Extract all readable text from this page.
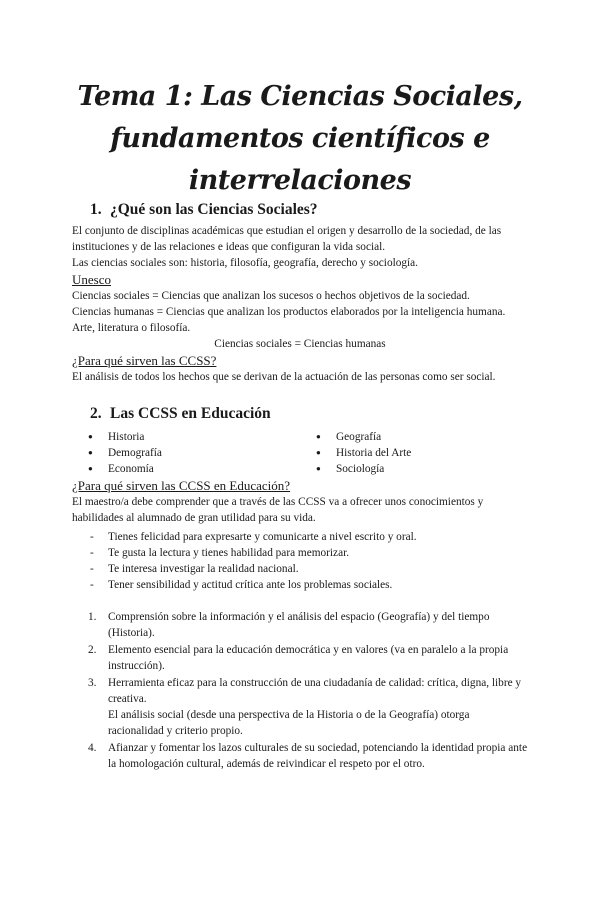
Tema 1: Las Ciencias Sociales,
fundamentos científicos e
interrelaciones
1. ¿Qué son las Ciencias Sociales?

El conjunto de disciplinas académicas que estudian el origen y desarrollo de la sociedad, de las instituciones y de las relaciones e ideas que configuran la vida social.

Las ciencias sociales son: historia, filosofía, geografía, derecho y sociología.

Unesco

Ciencias sociales = Ciencias que analizan los sucesos o hechos objetivos de la sociedad.

Ciencias humanas = Ciencias que analizan los productos elaborados por la inteligencia humana. Arte, literatura o filosofía.

Ciencias sociales = Ciencias humanas

¿Para qué sirven las CCSS?

El análisis de todos los hechos que se derivan de la actuación de las personas como ser social.

2. Las CCSS en Educación
● Historia	● Geografía
● Demografía	● Historia del Arte
● Economía	● Sociología

¿Para qué sirven las CCSS en Educación?

El maestro/a debe comprender que a través de las CCSS va a ofrecer unos conocimientos y habilidades al alumnado de gran utilidad para su vida.

- Tienes felicidad para expresarte y comunicarte a nivel escrito y oral.
- Te gusta la lectura y tienes habilidad para memorizar.
- Te interesa investigar la realidad nacional.
- Tener sensibilidad y actitud crítica ante los problemas sociales.
1. Comprensión sobre la información y el análisis del espacio (Geografía) y del tiempo (Historia).
2. Elemento esencial para la educación democrática y en valores (va en paralelo a la propia instrucción).
3. Herramienta eficaz para la construcción de una ciudadanía de calidad: crítica, digna, libre y creativa.
El análisis social (desde una perspectiva de la Historia o de la Geografía) otorga racionalidad y criterio propio.
4. Afianzar y fomentar los lazos culturales de su sociedad, potenciando la identidad propia ante la homologación cultural, además de reivindicar el respeto por el otro.
